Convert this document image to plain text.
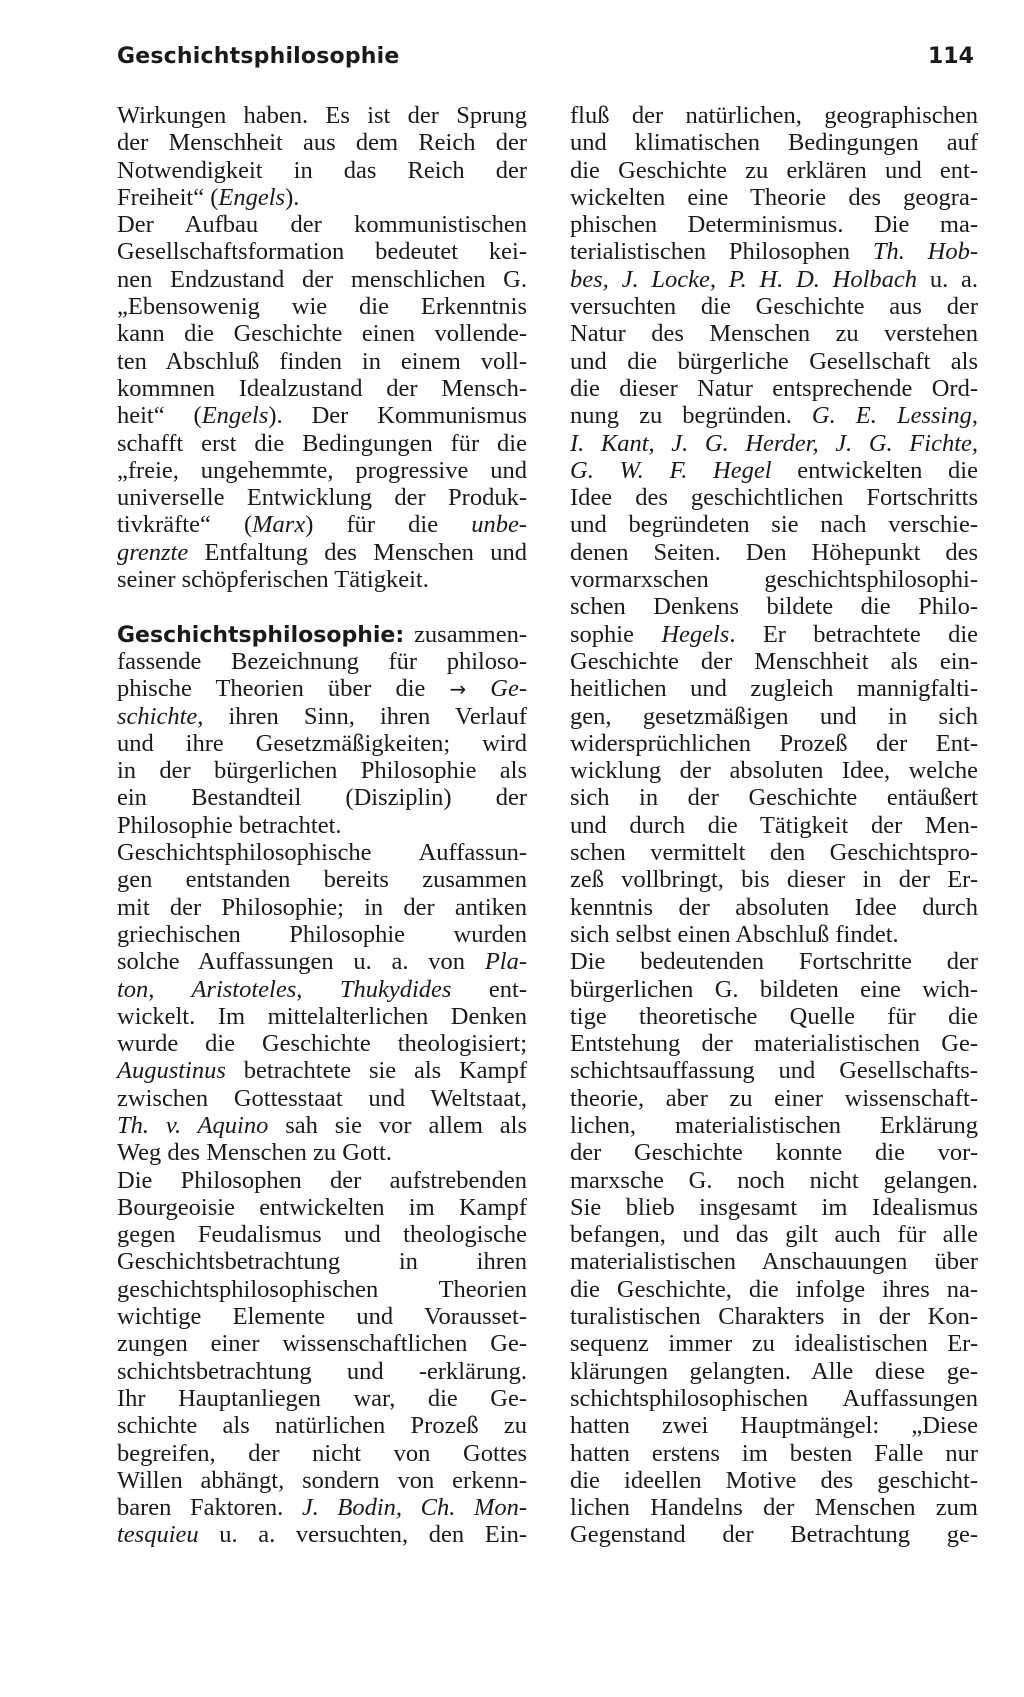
Geschichtsphilosophie	114
Wirkungen haben. Es ist der Sprung
der Menschheit aus dem Reich der
Notwendigkeit in das Reich der
Freiheit“ (Engels).
Der Aufbau der kommunistischen
Gesellschaftsformation bedeutet kei-
nen Endzustand der menschlichen G.
„Ebensowenig wie die Erkenntnis
kann die Geschichte einen vollende-
ten Abschluß finden in einem voll-
kommnen Idealzustand der Mensch-
heit“ (Engels). Der Kommunismus
schafft erst die Bedingungen für die
„freie, ungehemmte, progressive und
universelle Entwicklung der Produk-
tivkräfte“ (Marx) für die unbe-
grenzte Entfaltung des Menschen und
seiner schöpferischen Tätigkeit.
Geschichtsphilosophie: zusammen-
fassende Bezeichnung für philoso-
phische Theorien über die → Ge-
schichte, ihren Sinn, ihren Verlauf
und ihre Gesetzmäßigkeiten; wird
in der bürgerlichen Philosophie als
ein Bestandteil (Disziplin) der
Philosophie betrachtet.
Geschichtsphilosophische Auffassun-
gen entstanden bereits zusammen
mit der Philosophie; in der antiken
griechischen Philosophie wurden
solche Auffassungen u. a. von Pla-
ton, Aristoteles, Thukydides ent-
wickelt. Im mittelalterlichen Denken
wurde die Geschichte theologisiert;
Augustinus betrachtete sie als Kampf
zwischen Gottesstaat und Weltstaat,
Th. v. Aquino sah sie vor allem als
Weg des Menschen zu Gott.
Die Philosophen der aufstrebenden
Bourgeoisie entwickelten im Kampf
gegen Feudalismus und theologische
Geschichtsbetrachtung in ihren
geschichtsphilosophischen Theorien
wichtige Elemente und Vorausset-
zungen einer wissenschaftlichen Ge-
schichtsbetrachtung und -erklärung.
Ihr Hauptanliegen war, die Ge-
schichte als natürlichen Prozeß zu
begreifen, der nicht von Gottes
Willen abhängt, sondern von erkenn-
baren Faktoren. J. Bodin, Ch. Mon-
tesquieu u. a. versuchten, den Ein-
fluß der natürlichen, geographischen
und klimatischen Bedingungen auf
die Geschichte zu erklären und ent-
wickelten eine Theorie des geogra-
phischen Determinismus. Die ma-
terialistischen Philosophen Th. Hob-
bes, J. Locke, P. H. D. Holbach u. a.
versuchten die Geschichte aus der
Natur des Menschen zu verstehen
und die bürgerliche Gesellschaft als
die dieser Natur entsprechende Ord-
nung zu begründen. G. E. Lessing,
I. Kant, J. G. Herder, J. G. Fichte,
G. W. F. Hegel entwickelten die
Idee des geschichtlichen Fortschritts
und begründeten sie nach verschie-
denen Seiten. Den Höhepunkt des
vormarxschen geschichtsphilosophi-
schen Denkens bildete die Philo-
sophie Hegels. Er betrachtete die
Geschichte der Menschheit als ein-
heitlichen und zugleich mannigfalti-
gen, gesetzmäßigen und in sich
widersprüchlichen Prozeß der Ent-
wicklung der absoluten Idee, welche
sich in der Geschichte entäußert
und durch die Tätigkeit der Men-
schen vermittelt den Geschichtspro-
zeß vollbringt, bis dieser in der Er-
kenntnis der absoluten Idee durch
sich selbst einen Abschluß findet.
Die bedeutenden Fortschritte der
bürgerlichen G. bildeten eine wich-
tige theoretische Quelle für die
Entstehung der materialistischen Ge-
schichtsauffassung und Gesellschafts-
theorie, aber zu einer wissenschaft-
lichen, materialistischen Erklärung
der Geschichte konnte die vor-
marxsche G. noch nicht gelangen.
Sie blieb insgesamt im Idealismus
befangen, und das gilt auch für alle
materialistischen Anschauungen über
die Geschichte, die infolge ihres na-
turalistischen Charakters in der Kon-
sequenz immer zu idealistischen Er-
klärungen gelangten. Alle diese ge-
schichtsphilosophischen Auffassungen
hatten zwei Hauptmängel: „Diese
hatten erstens im besten Falle nur
die ideellen Motive des geschicht-
lichen Handelns der Menschen zum
Gegenstand der Betrachtung ge-
